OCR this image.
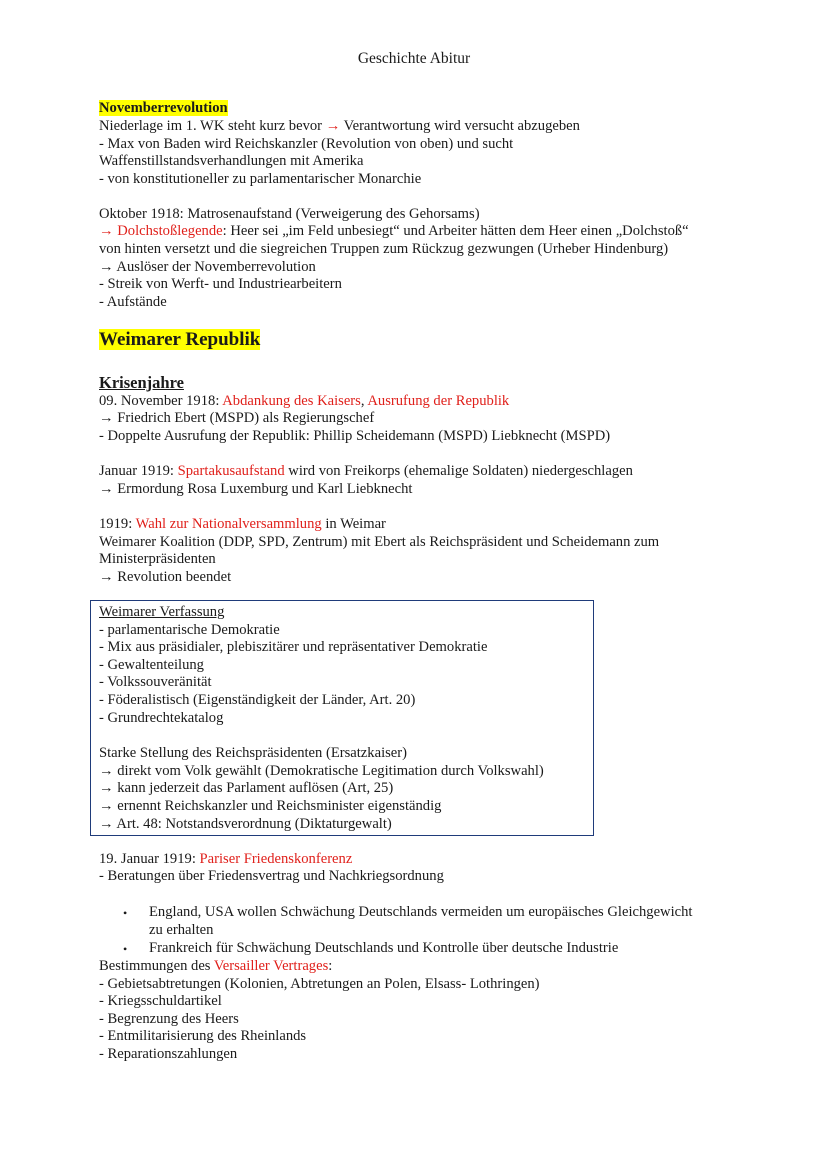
Geschichte Abitur
Novemberrevolution
Niederlage im 1. WK steht kurz bevor → Verantwortung wird versucht abzugeben
- Max von Baden wird Reichskanzler (Revolution von oben) und sucht
Waffenstillstandsverhandlungen mit Amerika
- von konstitutioneller zu parlamentarischer Monarchie
Oktober 1918: Matrosenaufstand (Verweigerung des Gehorsams)
→ Dolchstoßlegende: Heer sei „im Feld unbesiegt“ und Arbeiter hätten dem Heer einen „Dolchstoß“
von hinten versetzt und die siegreichen Truppen zum Rückzug gezwungen (Urheber Hindenburg)
→ Auslöser der Novemberrevolution
- Streik von Werft- und Industriearbeitern
- Aufstände
Weimarer Republik
Krisenjahre
09. November 1918: Abdankung des Kaisers, Ausrufung der Republik
→ Friedrich Ebert (MSPD) als Regierungschef
- Doppelte Ausrufung der Republik: Phillip Scheidemann (MSPD) Liebknecht (MSPD)
Januar 1919: Spartakusaufstand wird von Freikorps (ehemalige Soldaten) niedergeschlagen
→ Ermordung Rosa Luxemburg und Karl Liebknecht
1919: Wahl zur Nationalversammlung in Weimar
Weimarer Koalition (DDP, SPD, Zentrum) mit Ebert als Reichspräsident und Scheidemann zum
Ministerpräsidenten
→ Revolution beendet
Weimarer Verfassung
- parlamentarische Demokratie
- Mix aus präsidialer, plebiszitärer und repräsentativer Demokratie
- Gewaltenteilung
- Volkssouveränität
- Föderalistisch (Eigenständigkeit der Länder, Art. 20)
- Grundrechtekatalog
Starke Stellung des Reichspräsidenten (Ersatzkaiser)
→ direkt vom Volk gewählt (Demokratische Legitimation durch Volkswahl)
→ kann jederzeit das Parlament auflösen (Art, 25)
→ ernennt Reichskanzler und Reichsminister eigenständig
→ Art. 48: Notstandsverordnung (Diktaturgewalt)
19. Januar 1919: Pariser Friedenskonferenz
- Beratungen über Friedensvertrag und Nachkriegsordnung
• England, USA wollen Schwächung Deutschlands vermeiden um europäisches Gleichgewicht
zu erhalten
• Frankreich für Schwächung Deutschlands und Kontrolle über deutsche Industrie
Bestimmungen des Versailler Vertrages:
- Gebietsabtretungen (Kolonien, Abtretungen an Polen, Elsass- Lothringen)
- Kriegsschuldartikel
- Begrenzung des Heers
- Entmilitarisierung des Rheinlands
- Reparationszahlungen
